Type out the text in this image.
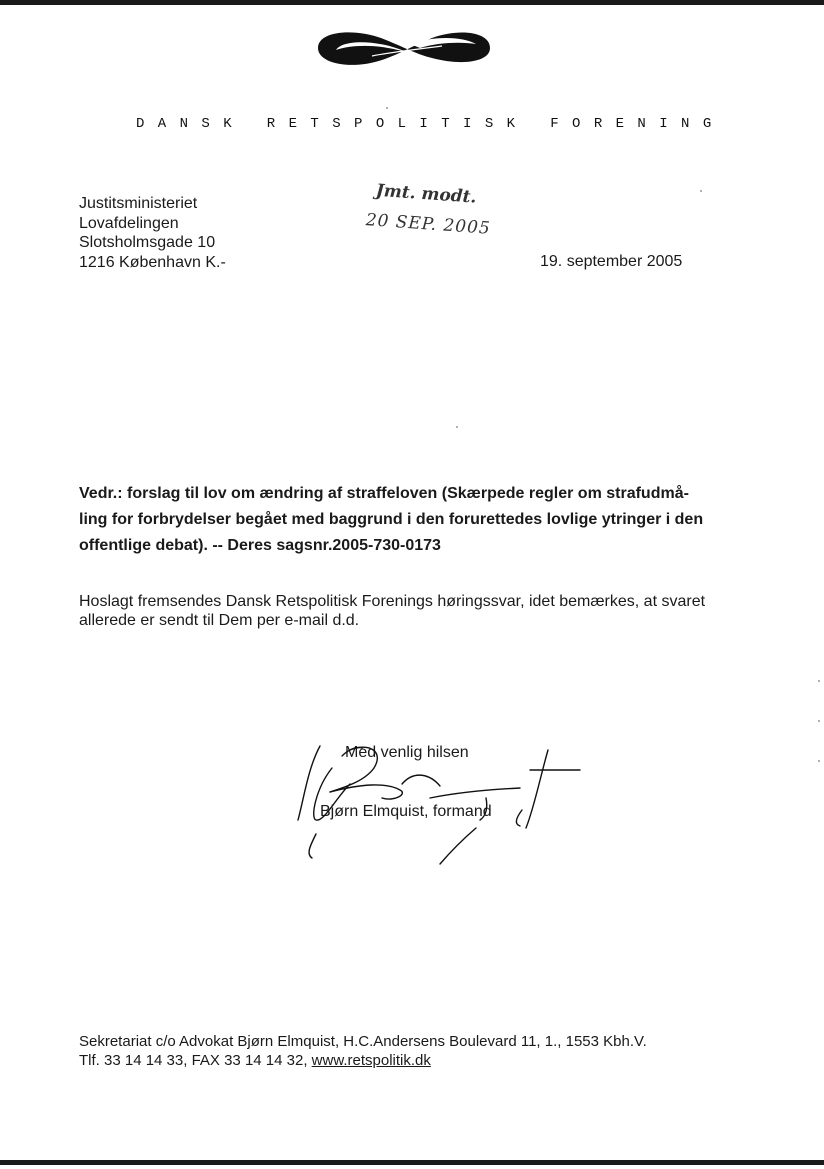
DANSK RETSPOLITISK FORENING
Justitsministeriet
Lovafdelingen
Slotsholmsgade 10
1216 København K.-
Jmt. modt.
20 SEP. 2005
19. september 2005
Vedr.: forslag til lov om ændring af straffeloven (Skærpede regler om strafudmå-
ling for forbrydelser begået med baggrund i den forurettedes lovlige ytringer i den
offentlige debat). -- Deres sagsnr.2005-730-0173
Hoslagt fremsendes Dansk Retspolitisk Forenings høringssvar, idet bemærkes, at svaret
allerede er sendt til Dem per e-mail d.d.
Med venlig hilsen
Bjørn Elmquist, formand
Sekretariat c/o Advokat Bjørn Elmquist, H.C.Andersens Boulevard 11, 1., 1553 Kbh.V.
Tlf. 33 14 14 33, FAX 33 14 14 32, www.retspolitik.dk
